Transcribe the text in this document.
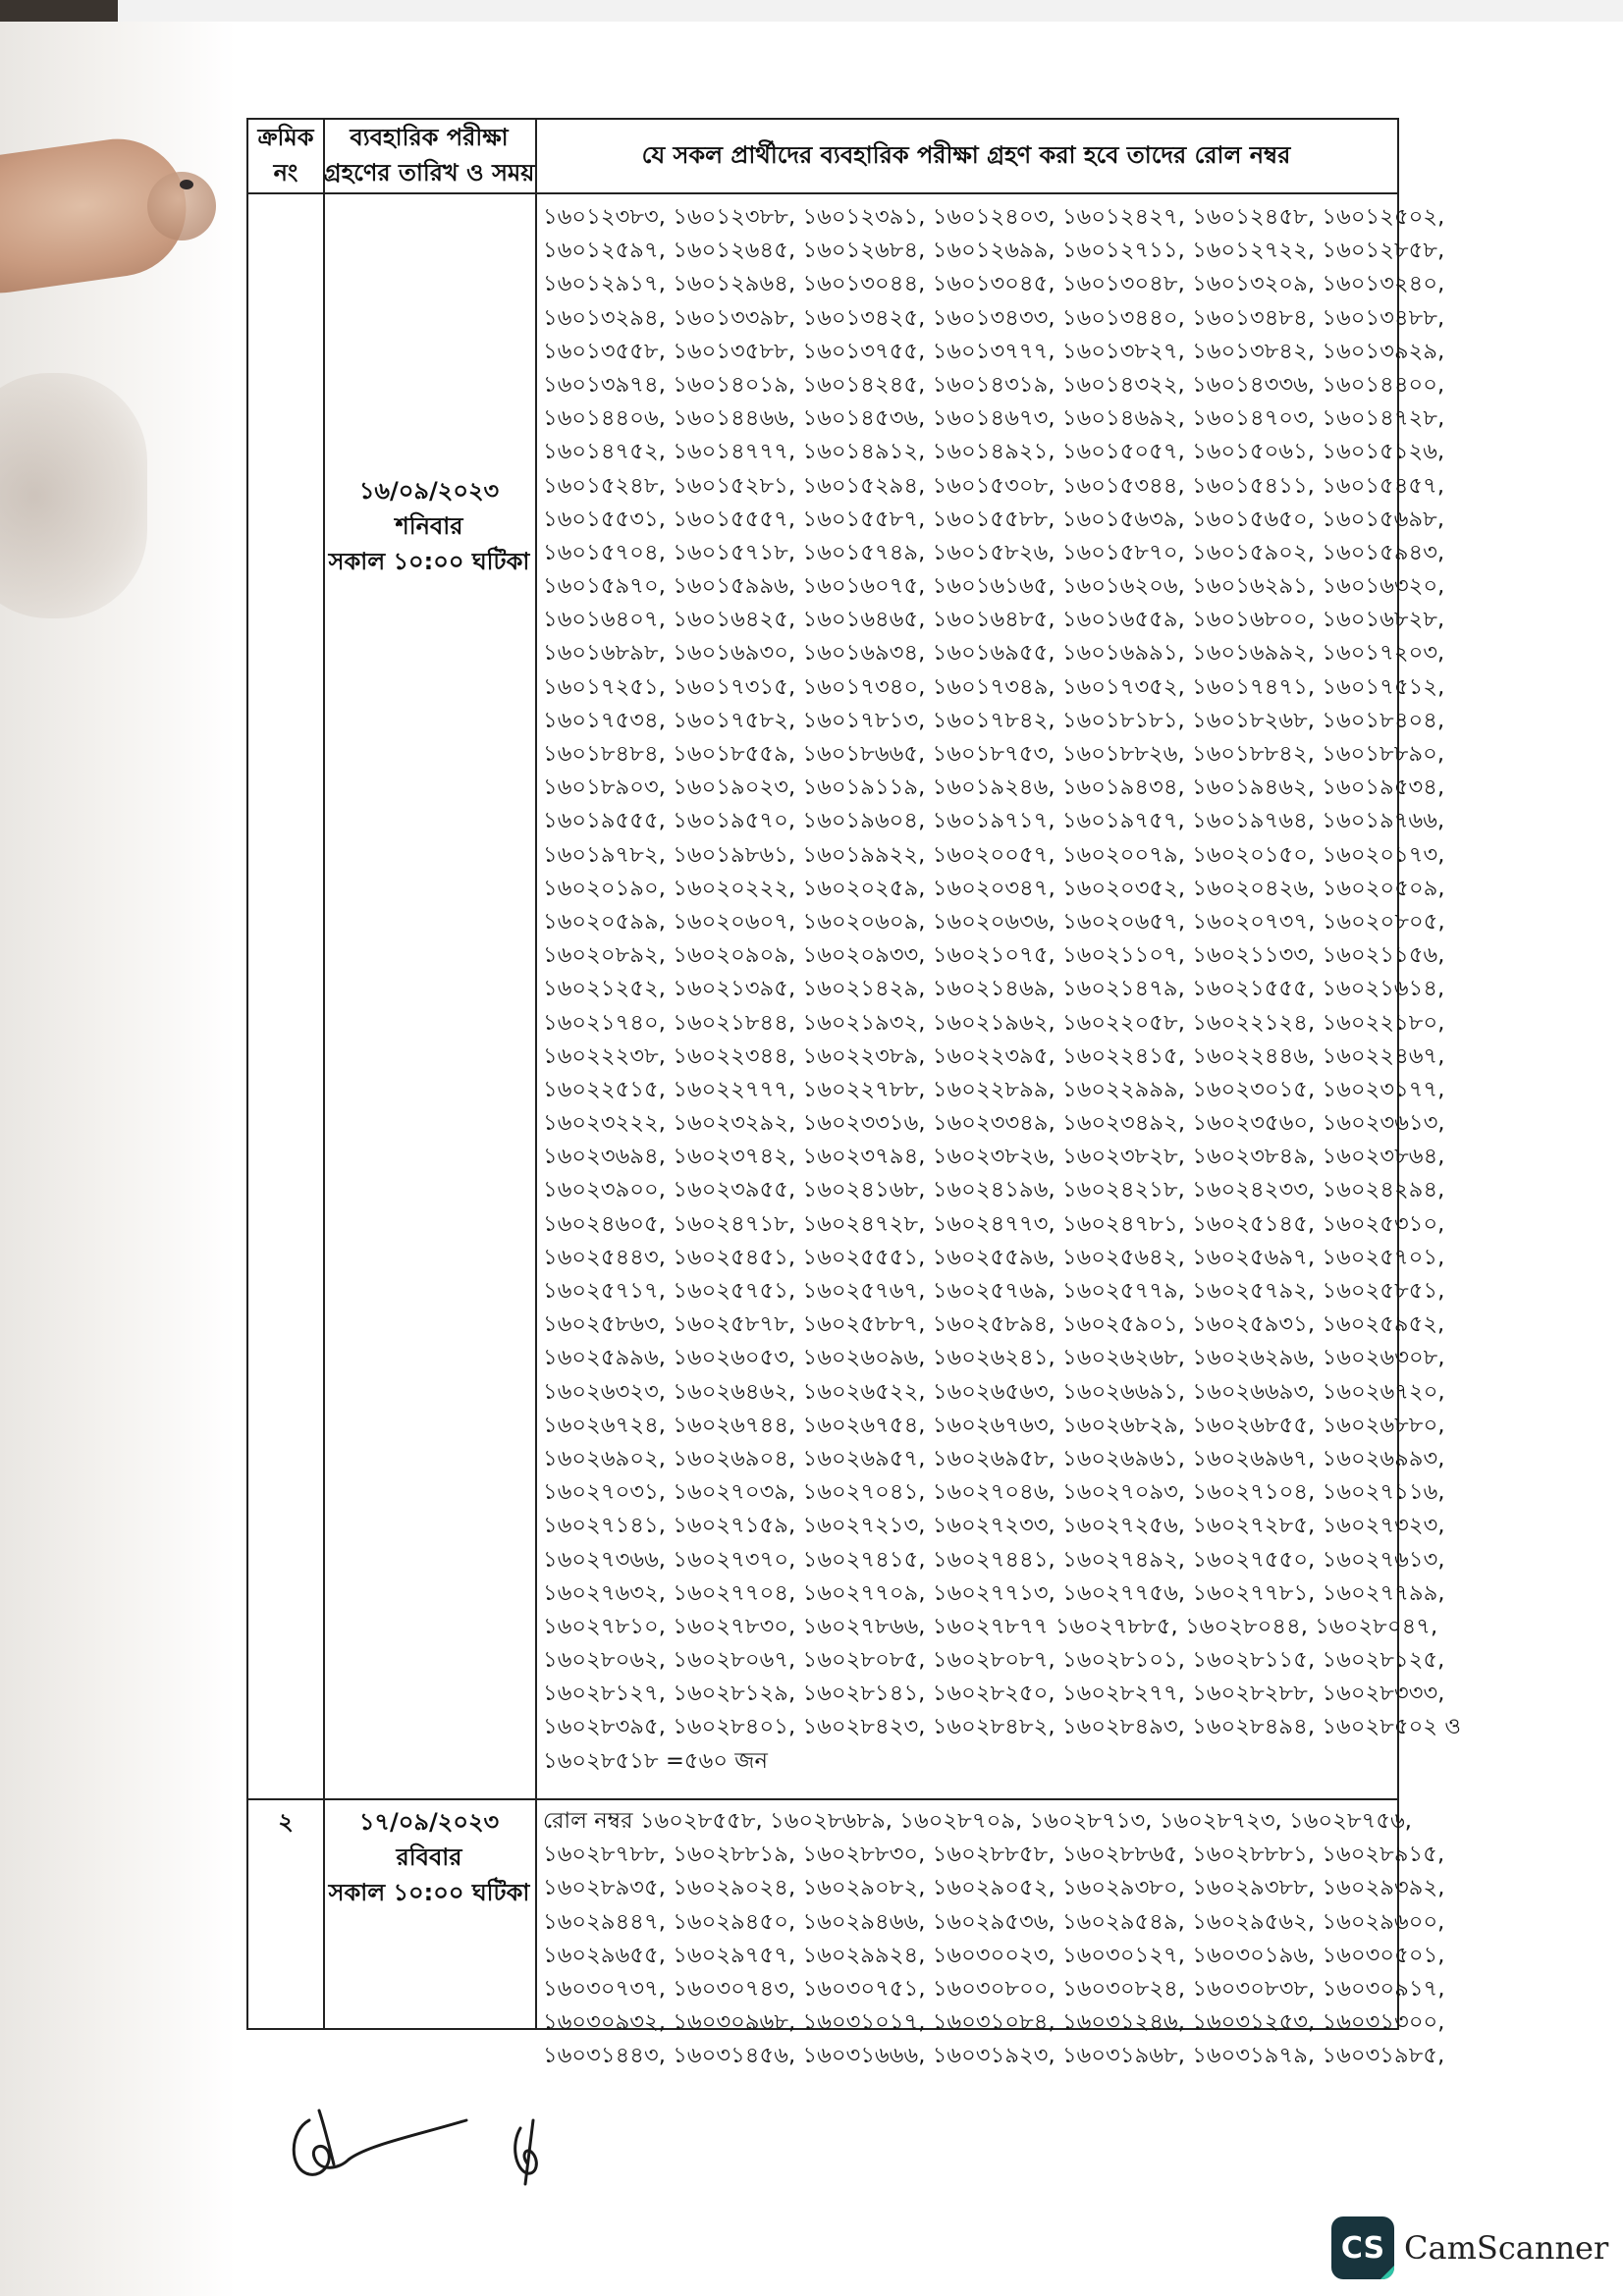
ক্রমিক
নং
ব্যবহারিক পরীক্ষা
গ্রহণের তারিখ ও সময়
যে সকল প্রার্থীদের ব্যবহারিক পরীক্ষা গ্রহণ করা হবে তাদের রোল নম্বর
১৬/০৯/২০২৩
শনিবার
সকাল ১০:০০ ঘটিকা
১৬০১২৩৮৩, ১৬০১২৩৮৮, ১৬০১২৩৯১, ১৬০১২৪০৩, ১৬০১২৪২৭, ১৬০১২৪৫৮, ১৬০১২৫০২,
১৬০১২৫৯৭, ১৬০১২৬৪৫, ১৬০১২৬৮৪, ১৬০১২৬৯৯, ১৬০১২৭১১, ১৬০১২৭২২, ১৬০১২৮৫৮,
১৬০১২৯১৭, ১৬০১২৯৬৪, ১৬০১৩০৪৪, ১৬০১৩০৪৫, ১৬০১৩০৪৮, ১৬০১৩২০৯, ১৬০১৩২৪০,
১৬০১৩২৯৪, ১৬০১৩৩৯৮, ১৬০১৩৪২৫, ১৬০১৩৪৩৩, ১৬০১৩৪৪০, ১৬০১৩৪৮৪, ১৬০১৩৪৮৮,
১৬০১৩৫৫৮, ১৬০১৩৫৮৮, ১৬০১৩৭৫৫, ১৬০১৩৭৭৭, ১৬০১৩৮২৭, ১৬০১৩৮৪২, ১৬০১৩৯২৯,
১৬০১৩৯৭৪, ১৬০১৪০১৯, ১৬০১৪২৪৫, ১৬০১৪৩১৯, ১৬০১৪৩২২, ১৬০১৪৩৩৬, ১৬০১৪৪০০,
১৬০১৪৪০৬, ১৬০১৪৪৬৬, ১৬০১৪৫৩৬, ১৬০১৪৬৭৩, ১৬০১৪৬৯২, ১৬০১৪৭০৩, ১৬০১৪৭২৮,
১৬০১৪৭৫২, ১৬০১৪৭৭৭, ১৬০১৪৯১২, ১৬০১৪৯২১, ১৬০১৫০৫৭, ১৬০১৫০৬১, ১৬০১৫১২৬,
১৬০১৫২৪৮, ১৬০১৫২৮১, ১৬০১৫২৯৪, ১৬০১৫৩০৮, ১৬০১৫৩৪৪, ১৬০১৫৪১১, ১৬০১৫৪৫৭,
১৬০১৫৫৩১, ১৬০১৫৫৫৭, ১৬০১৫৫৮৭, ১৬০১৫৫৮৮, ১৬০১৫৬৩৯, ১৬০১৫৬৫০, ১৬০১৫৬৯৮,
১৬০১৫৭০৪, ১৬০১৫৭১৮, ১৬০১৫৭৪৯, ১৬০১৫৮২৬, ১৬০১৫৮৭০, ১৬০১৫৯০২, ১৬০১৫৯৪৩,
১৬০১৫৯৭০, ১৬০১৫৯৯৬, ১৬০১৬০৭৫, ১৬০১৬১৬৫, ১৬০১৬২০৬, ১৬০১৬২৯১, ১৬০১৬৩২০,
১৬০১৬৪০৭, ১৬০১৬৪২৫, ১৬০১৬৪৬৫, ১৬০১৬৪৮৫, ১৬০১৬৫৫৯, ১৬০১৬৮০০, ১৬০১৬৮২৮,
১৬০১৬৮৯৮, ১৬০১৬৯৩০, ১৬০১৬৯৩৪, ১৬০১৬৯৫৫, ১৬০১৬৯৯১, ১৬০১৬৯৯২, ১৬০১৭২০৩,
১৬০১৭২৫১, ১৬০১৭৩১৫, ১৬০১৭৩৪০, ১৬০১৭৩৪৯, ১৬০১৭৩৫২, ১৬০১৭৪৭১, ১৬০১৭৫১২,
১৬০১৭৫৩৪, ১৬০১৭৫৮২, ১৬০১৭৮১৩, ১৬০১৭৮৪২, ১৬০১৮১৮১, ১৬০১৮২৬৮, ১৬০১৮৪০৪,
১৬০১৮৪৮৪, ১৬০১৮৫৫৯, ১৬০১৮৬৬৫, ১৬০১৮৭৫৩, ১৬০১৮৮২৬, ১৬০১৮৮৪২, ১৬০১৮৮৯০,
১৬০১৮৯০৩, ১৬০১৯০২৩, ১৬০১৯১১৯, ১৬০১৯২৪৬, ১৬০১৯৪৩৪, ১৬০১৯৪৬২, ১৬০১৯৫৩৪,
১৬০১৯৫৫৫, ১৬০১৯৫৭০, ১৬০১৯৬০৪, ১৬০১৯৭১৭, ১৬০১৯৭৫৭, ১৬০১৯৭৬৪, ১৬০১৯৭৬৬,
১৬০১৯৭৮২, ১৬০১৯৮৬১, ১৬০১৯৯২২, ১৬০২০০৫৭, ১৬০২০০৭৯, ১৬০২০১৫০, ১৬০২০১৭৩,
১৬০২০১৯০, ১৬০২০২২২, ১৬০২০২৫৯, ১৬০২০৩৪৭, ১৬০২০৩৫২, ১৬০২০৪২৬, ১৬০২০৫০৯,
১৬০২০৫৯৯, ১৬০২০৬০৭, ১৬০২০৬০৯, ১৬০২০৬৩৬, ১৬০২০৬৫৭, ১৬০২০৭৩৭, ১৬০২০৮০৫,
১৬০২০৮৯২, ১৬০২০৯০৯, ১৬০২০৯৩৩, ১৬০২১০৭৫, ১৬০২১১০৭, ১৬০২১১৩৩, ১৬০২১১৫৬,
১৬০২১২৫২, ১৬০২১৩৯৫, ১৬০২১৪২৯, ১৬০২১৪৬৯, ১৬০২১৪৭৯, ১৬০২১৫৫৫, ১৬০২১৬১৪,
১৬০২১৭৪০, ১৬০২১৮৪৪, ১৬০২১৯৩২, ১৬০২১৯৬২, ১৬০২২০৫৮, ১৬০২২১২৪, ১৬০২২১৮০,
১৬০২২২৩৮, ১৬০২২৩৪৪, ১৬০২২৩৮৯, ১৬০২২৩৯৫, ১৬০২২৪১৫, ১৬০২২৪৪৬, ১৬০২২৪৬৭,
১৬০২২৫১৫, ১৬০২২৭৭৭, ১৬০২২৭৮৮, ১৬০২২৮৯৯, ১৬০২২৯৯৯, ১৬০২৩০১৫, ১৬০২৩১৭৭,
১৬০২৩২২২, ১৬০২৩২৯২, ১৬০২৩৩১৬, ১৬০২৩৩৪৯, ১৬০২৩৪৯২, ১৬০২৩৫৬০, ১৬০২৩৬১৩,
১৬০২৩৬৯৪, ১৬০২৩৭৪২, ১৬০২৩৭৯৪, ১৬০২৩৮২৬, ১৬০২৩৮২৮, ১৬০২৩৮৪৯, ১৬০২৩৮৬৪,
১৬০২৩৯০০, ১৬০২৩৯৫৫, ১৬০২৪১৬৮, ১৬০২৪১৯৬, ১৬০২৪২১৮, ১৬০২৪২৩৩, ১৬০২৪২৯৪,
১৬০২৪৬০৫, ১৬০২৪৭১৮, ১৬০২৪৭২৮, ১৬০২৪৭৭৩, ১৬০২৪৭৮১, ১৬০২৫১৪৫, ১৬০২৫৩১০,
১৬০২৫৪৪৩, ১৬০২৫৪৫১, ১৬০২৫৫৫১, ১৬০২৫৫৯৬, ১৬০২৫৬৪২, ১৬০২৫৬৯৭, ১৬০২৫৭০১,
১৬০২৫৭১৭, ১৬০২৫৭৫১, ১৬০২৫৭৬৭, ১৬০২৫৭৬৯, ১৬০২৫৭৭৯, ১৬০২৫৭৯২, ১৬০২৫৮৫১,
১৬০২৫৮৬৩, ১৬০২৫৮৭৮, ১৬০২৫৮৮৭, ১৬০২৫৮৯৪, ১৬০২৫৯০১, ১৬০২৫৯৩১, ১৬০২৫৯৫২,
১৬০২৫৯৯৬, ১৬০২৬০৫৩, ১৬০২৬০৯৬, ১৬০২৬২৪১, ১৬০২৬২৬৮, ১৬০২৬২৯৬, ১৬০২৬৩০৮,
১৬০২৬৩২৩, ১৬০২৬৪৬২, ১৬০২৬৫২২, ১৬০২৬৫৬৩, ১৬০২৬৬৯১, ১৬০২৬৬৯৩, ১৬০২৬৭২০,
১৬০২৬৭২৪, ১৬০২৬৭৪৪, ১৬০২৬৭৫৪, ১৬০২৬৭৬৩, ১৬০২৬৮২৯, ১৬০২৬৮৫৫, ১৬০২৬৮৮০,
১৬০২৬৯০২, ১৬০২৬৯০৪, ১৬০২৬৯৫৭, ১৬০২৬৯৫৮, ১৬০২৬৯৬১, ১৬০২৬৯৬৭, ১৬০২৬৯৯৩,
১৬০২৭০৩১, ১৬০২৭০৩৯, ১৬০২৭০৪১, ১৬০২৭০৪৬, ১৬০২৭০৯৩, ১৬০২৭১০৪, ১৬০২৭১১৬,
১৬০২৭১৪১, ১৬০২৭১৫৯, ১৬০২৭২১৩, ১৬০২৭২৩৩, ১৬০২৭২৫৬, ১৬০২৭২৮৫, ১৬০২৭৩২৩,
১৬০২৭৩৬৬, ১৬০২৭৩৭০, ১৬০২৭৪১৫, ১৬০২৭৪৪১, ১৬০২৭৪৯২, ১৬০২৭৫৫০, ১৬০২৭৬১৩,
১৬০২৭৬৩২, ১৬০২৭৭০৪, ১৬০২৭৭০৯, ১৬০২৭৭১৩, ১৬০২৭৭৫৬, ১৬০২৭৭৮১, ১৬০২৭৭৯৯,
১৬০২৭৮১০, ১৬০২৭৮৩০, ১৬০২৭৮৬৬, ১৬০২৭৮৭৭ ১৬০২৭৮৮৫, ১৬০২৮০৪৪, ১৬০২৮০৪৭,
১৬০২৮০৬২, ১৬০২৮০৬৭, ১৬০২৮০৮৫, ১৬০২৮০৮৭, ১৬০২৮১০১, ১৬০২৮১১৫, ১৬০২৮১২৫,
১৬০২৮১২৭, ১৬০২৮১২৯, ১৬০২৮১৪১, ১৬০২৮২৫০, ১৬০২৮২৭৭, ১৬০২৮২৮৮, ১৬০২৮৩৩৩,
১৬০২৮৩৯৫, ১৬০২৮৪০১, ১৬০২৮৪২৩, ১৬০২৮৪৮২, ১৬০২৮৪৯৩, ১৬০২৮৪৯৪, ১৬০২৮৫০২ ও
১৬০২৮৫১৮ =৫৬০ জন
২	১৭/০৯/২০২৩
রবিবার
সকাল ১০:০০ ঘটিকা
রোল নম্বর ১৬০২৮৫৫৮, ১৬০২৮৬৮৯, ১৬০২৮৭০৯, ১৬০২৮৭১৩, ১৬০২৮৭২৩, ১৬০২৮৭৫৬,
১৬০২৮৭৮৮, ১৬০২৮৮১৯, ১৬০২৮৮৩০, ১৬০২৮৮৫৮, ১৬০২৮৮৬৫, ১৬০২৮৮৮১, ১৬০২৮৯১৫,
১৬০২৮৯৩৫, ১৬০২৯০২৪, ১৬০২৯০৮২, ১৬০২৯০৫২, ১৬০২৯৩৮০, ১৬০২৯৩৮৮, ১৬০২৯৩৯২,
১৬০২৯৪৪৭, ১৬০২৯৪৫০, ১৬০২৯৪৬৬, ১৬০২৯৫৩৬, ১৬০২৯৫৪৯, ১৬০২৯৫৬২, ১৬০২৯৬০০,
১৬০২৯৬৫৫, ১৬০২৯৭৫৭, ১৬০২৯৯২৪, ১৬০৩০০২৩, ১৬০৩০১২৭, ১৬০৩০১৯৬, ১৬০৩০৫০১,
১৬০৩০৭৩৭, ১৬০৩০৭৪৩, ১৬০৩০৭৫১, ১৬০৩০৮০০, ১৬০৩০৮২৪, ১৬০৩০৮৩৮, ১৬০৩০৯১৭,
১৬০৩০৯৩২, ১৬০৩০৯৬৮, ১৬০৩১০১৭, ১৬০৩১০৮৪, ১৬০৩১২৪৬, ১৬০৩১২৫৩, ১৬০৩১৩০০,
১৬০৩১৪৪৩, ১৬০৩১৪৫৬, ১৬০৩১৬৬৬, ১৬০৩১৯২৩, ১৬০৩১৯৬৮, ১৬০৩১৯৭৯, ১৬০৩১৯৮৫,
CS CamScanner
